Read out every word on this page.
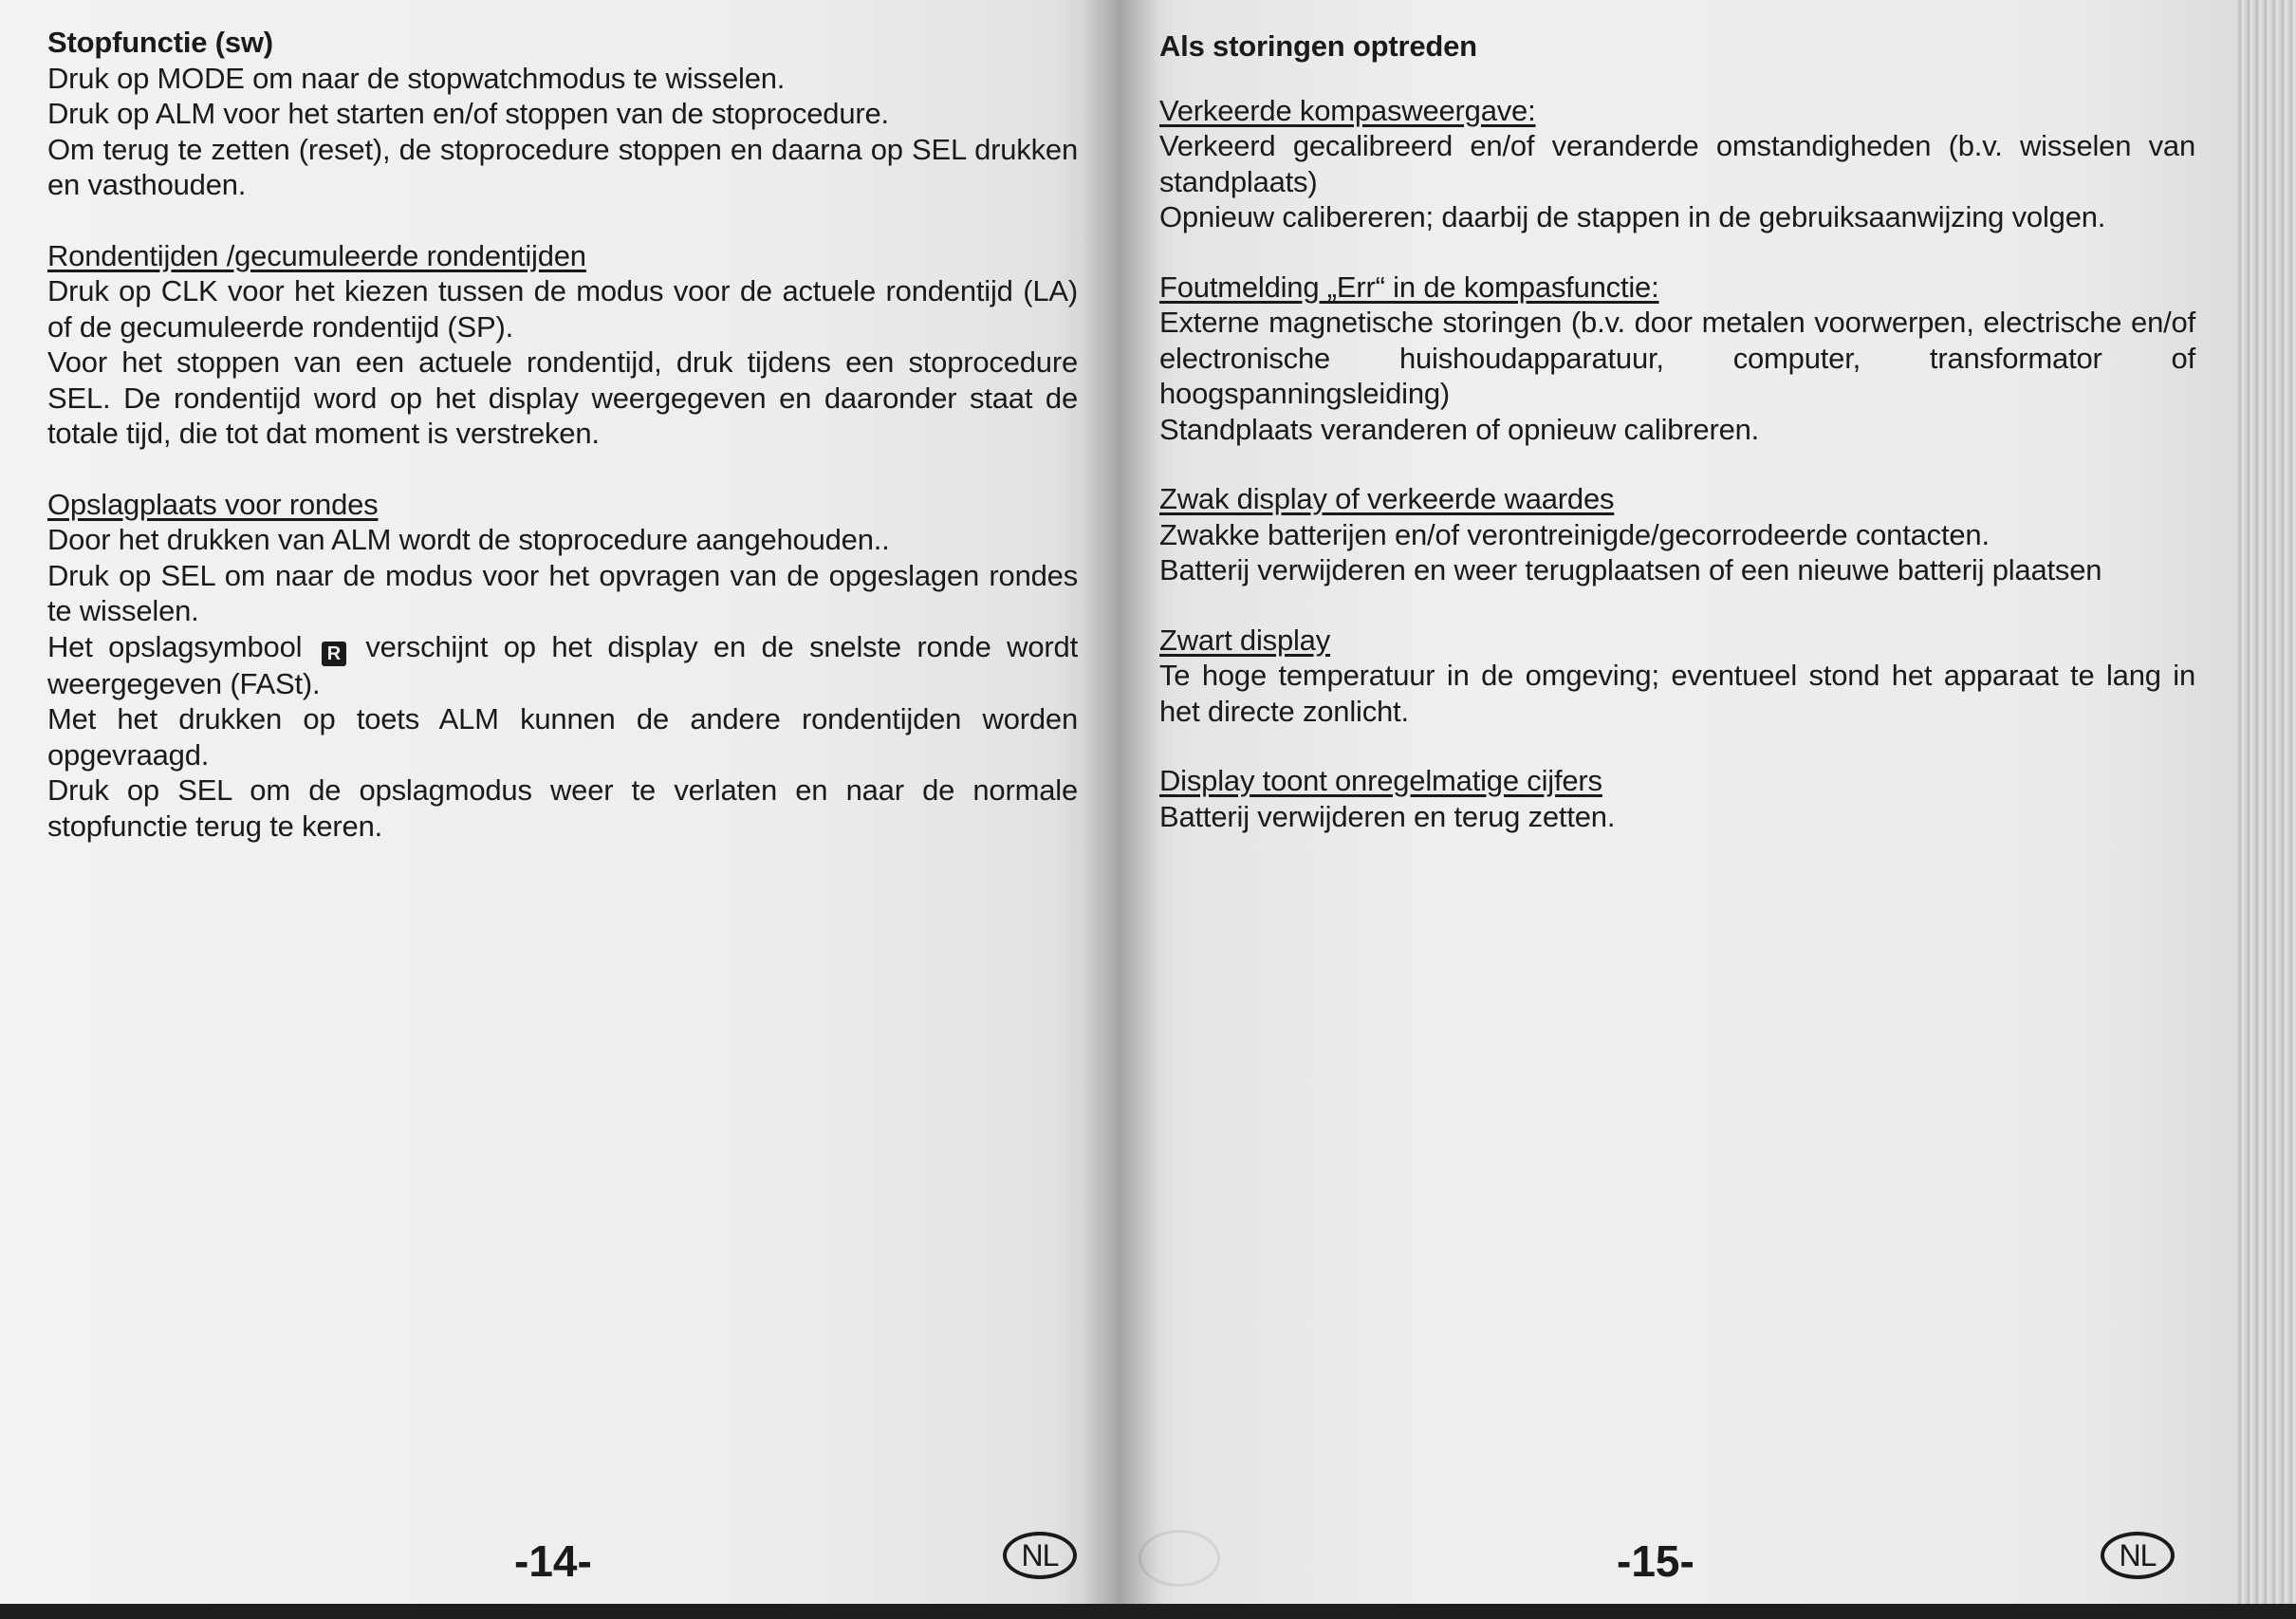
Stopfunctie (sw)

Druk op MODE om naar de stopwatchmodus te wisselen.

Druk op ALM voor het starten en/of stoppen van de stoprocedure.

Om terug te zetten (reset), de stoprocedure stoppen en daarna op SEL drukken en vasthouden.

Rondentijden /gecumuleerde rondentijden

Druk op CLK voor het kiezen tussen de modus voor de actuele rondentijd (LA) of de gecumuleerde rondentijd (SP).

Voor het stoppen van een actuele rondentijd, druk tijdens een stoprocedure SEL. De rondentijd word op het display weergegeven en daaronder staat de totale tijd, die tot dat moment is verstreken.

Opslagplaats voor rondes

Door het drukken van ALM wordt de stoprocedure aangehouden..

Druk op SEL om naar de modus voor het opvragen van de opgeslagen rondes te wisselen.

Het opslagsymbool R verschijnt op het display en de snelste ronde wordt weergegeven (FASt).

Met het drukken op toets ALM kunnen de andere rondentijden worden opgevraagd.

Druk op SEL om de opslagmodus weer te verlaten en naar de normale stopfunctie terug te keren.

-14-	NL
Als storingen optreden
Verkeerde kompasweergave:

Verkeerd gecalibreerd en/of veranderde omstandigheden (b.v. wisselen van standplaats)

Opnieuw calibereren; daarbij de stappen in de gebruiksaanwijzing volgen.

Foutmelding „Err“ in de kompasfunctie:

Externe magnetische storingen (b.v. door metalen voorwerpen, electrische en/of electronische huishoudapparatuur, computer, transformator of hoogspanningsleiding)

Standplaats veranderen of opnieuw calibreren.

Zwak display of verkeerde waardes

Zwakke batterijen en/of verontreinigde/gecorrodeerde contacten.

Batterij verwijderen en weer terugplaatsen of een nieuwe batterij plaatsen

Zwart display

Te hoge temperatuur in de omgeving; eventueel stond het apparaat te lang in het directe zonlicht.

Display toont onregelmatige cijfers

Batterij verwijderen en terug zetten.

-15-	NL
